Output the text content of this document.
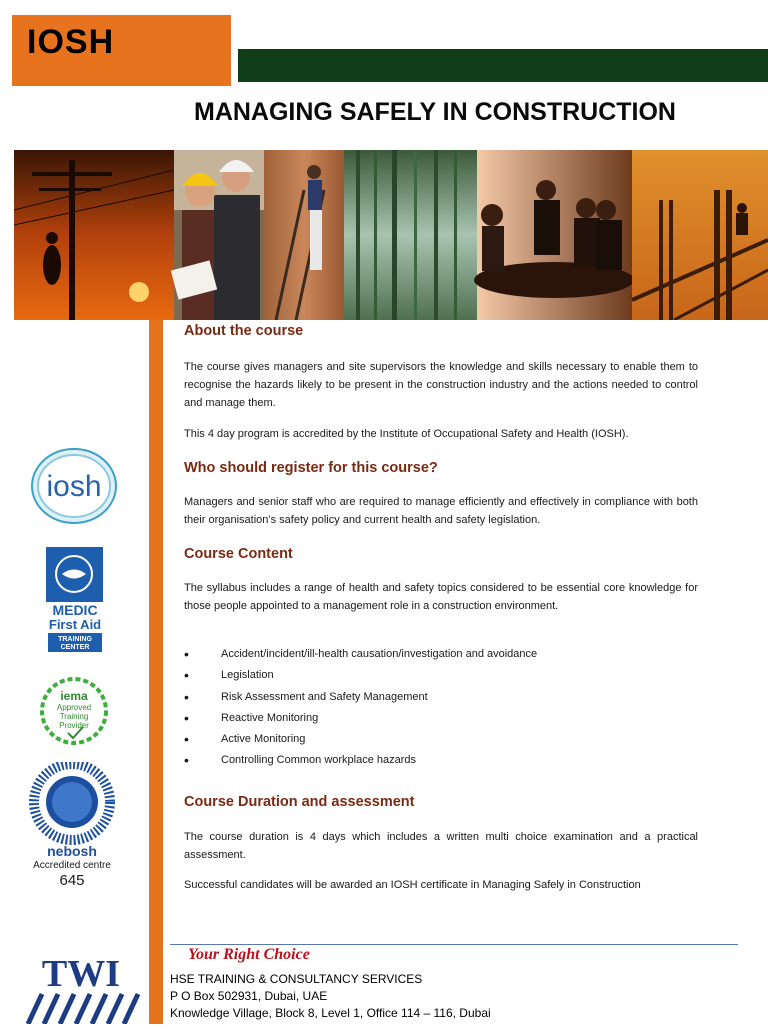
IOSH
MANAGING SAFELY IN CONSTRUCTION
iosh
MEDIC
First Aid
TRAINING
CENTER
iema
Approved
Training
Provider
nebosh
Accredited centre
645
TWI
About the course

The course gives managers and site supervisors the knowledge and skills necessary to enable them to recognise the hazards likely to be present in the construction industry and the actions needed to control and manage them.

This 4 day program is accredited by the Institute of Occupational Safety and Health (IOSH).

Who should register for this course?

Managers and senior staff who are required to manage efficiently and effectively in compliance with both their organisation’s safety policy and current health and safety legislation.

Course Content

The syllabus includes a range of health and safety topics considered to be essential core knowledge for those people appointed to a management role in a construction environment.

• Accident/incident/ill-health causation/investigation and avoidance
• Legislation
• Risk Assessment and Safety Management
• Reactive Monitoring
• Active Monitoring
• Controlling Common workplace hazards
Course Duration and assessment

The course duration is 4 days which includes a written multi choice examination and a practical assessment.

Successful candidates will be awarded an IOSH certificate in Managing Safely in Construction

Your Right Choice
HSE TRAINING & CONSULTANCY SERVICES
P O Box 502931, Dubai, UAE
Knowledge Village, Block 8, Level 1, Office 114 – 116, Dubai
